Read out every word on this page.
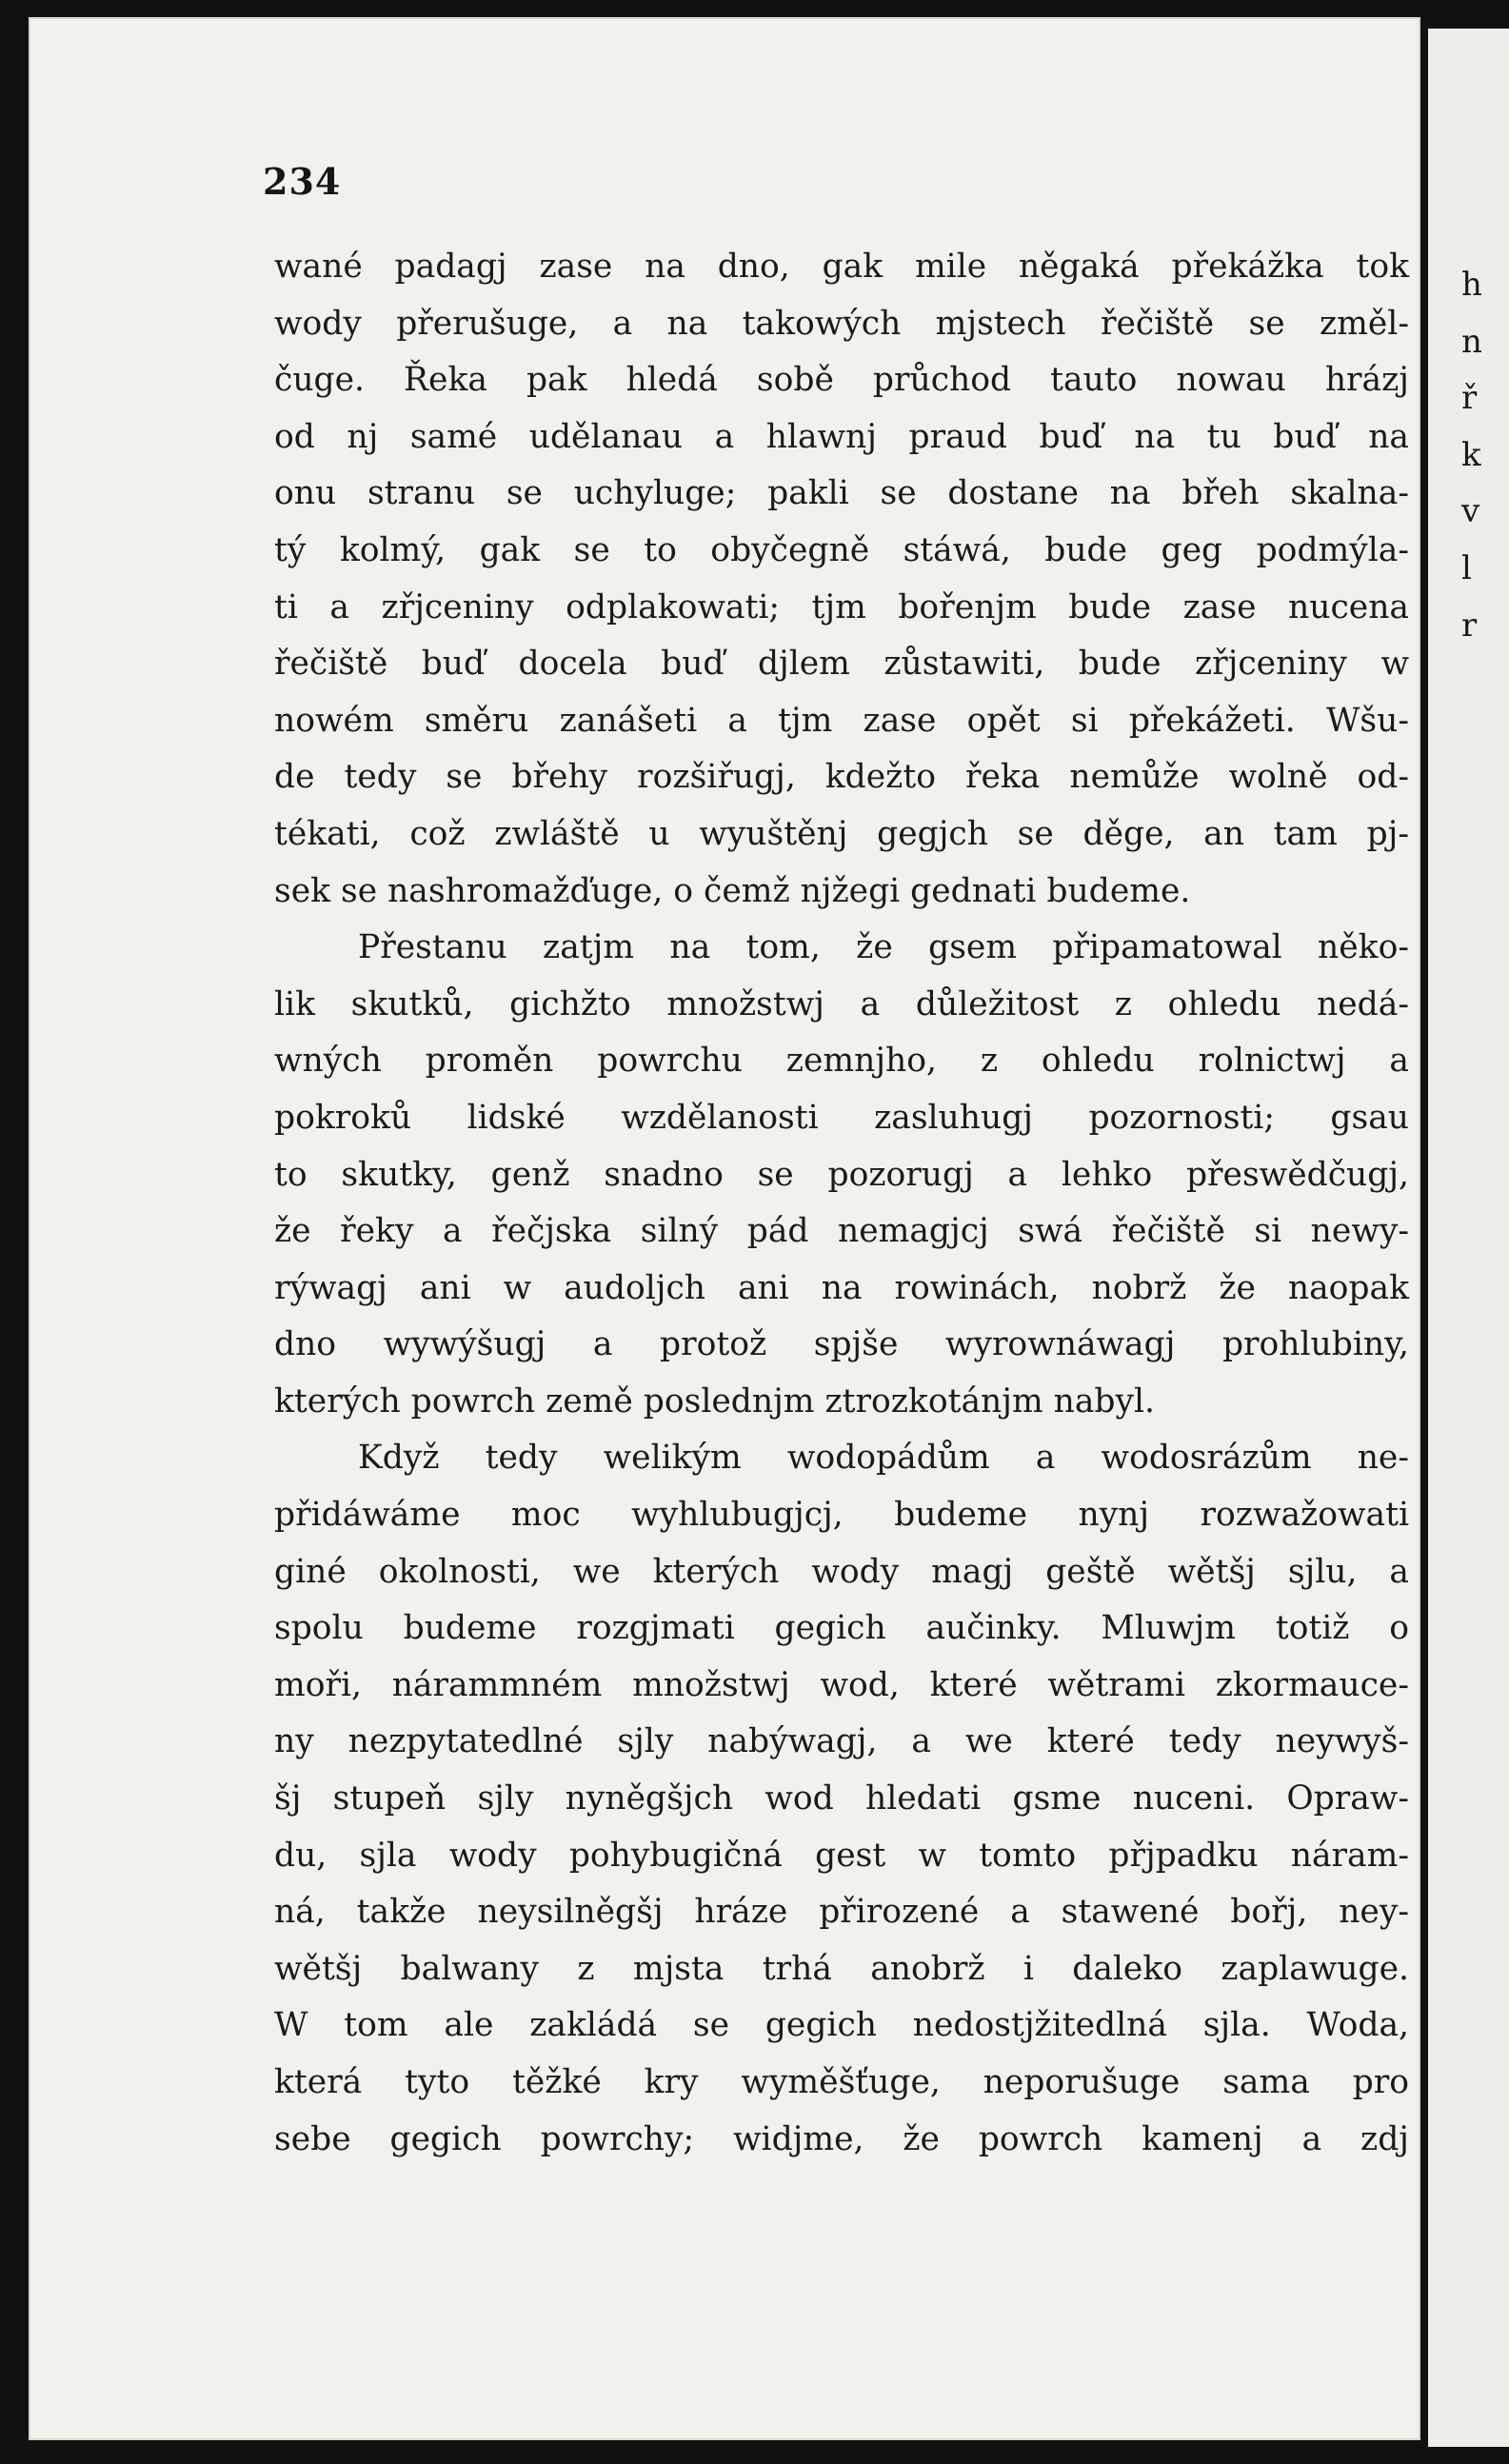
234
wané padagj zase na dno, gak mile něgaká překážka tok
wody přerušuge, a na takowých mjstech řečiště se změl-
čuge. Řeka pak hledá sobě průchod tauto nowau hrázj
od nj samé udělanau a hlawnj praud buď na tu buď na
onu stranu se uchyluge; pakli se dostane na břeh skalna-
tý kolmý, gak se to obyčegně stáwá, bude geg podmýla-
ti a zřjceniny odplakowati; tjm bořenjm bude zase nucena
řečiště buď docela buď djlem zůstawiti, bude zřjceniny w
nowém směru zanášeti a tjm zase opět si překážeti. Wšu-
de tedy se břehy rozšiřugj, kdežto řeka nemůže wolně od-
tékati, což zwláště u wyuštěnj gegjch se děge, an tam pj-
sek se nashromažďuge, o čemž njžegi gednati budeme.
Přestanu zatjm na tom, že gsem připamatowal něko-
lik skutků, gichžto množstwj a důležitost z ohledu nedá-
wných proměn powrchu zemnjho, z ohledu rolnictwj a
pokroků lidské wzdělanosti zasluhugj pozornosti; gsau
to skutky, genž snadno se pozorugj a lehko přeswědčugj,
že řeky a řečjska silný pád nemagjcj swá řečiště si newy-
rýwagj ani w audoljch ani na rowinách, nobrž že naopak
dno wywýšugj a protož spjše wyrownáwagj prohlubiny,
kterých powrch země poslednjm ztrozkotánjm nabyl.
Když tedy welikým wodopádům a wodosrázům ne-
přidáwáme moc wyhlubugjcj, budeme nynj rozwažowati
giné okolnosti, we kterých wody magj geště wětšj sjlu, a
spolu budeme rozgjmati gegich aučinky. Mluwjm totiž o
moři, nárammném množstwj wod, které wětrami zkormauce-
ny nezpytatedlné sjly nabýwagj, a we které tedy neywyš-
šj stupeň sjly nyněgšjch wod hledati gsme nuceni. Opraw-
du, sjla wody pohybugičná gest w tomto přjpadku náram-
ná, takže neysilněgšj hráze přirozené a stawené bořj, ney-
wětšj balwany z mjsta trhá anobrž i daleko zaplawuge.
W tom ale zakládá se gegich nedostjžitedlná sjla. Woda,
která tyto těžké kry wyměšťuge, neporušuge sama pro
sebe gegich powrchy; widjme, že powrch kamenj a zdj
h
n
ř
k
v
l
r
